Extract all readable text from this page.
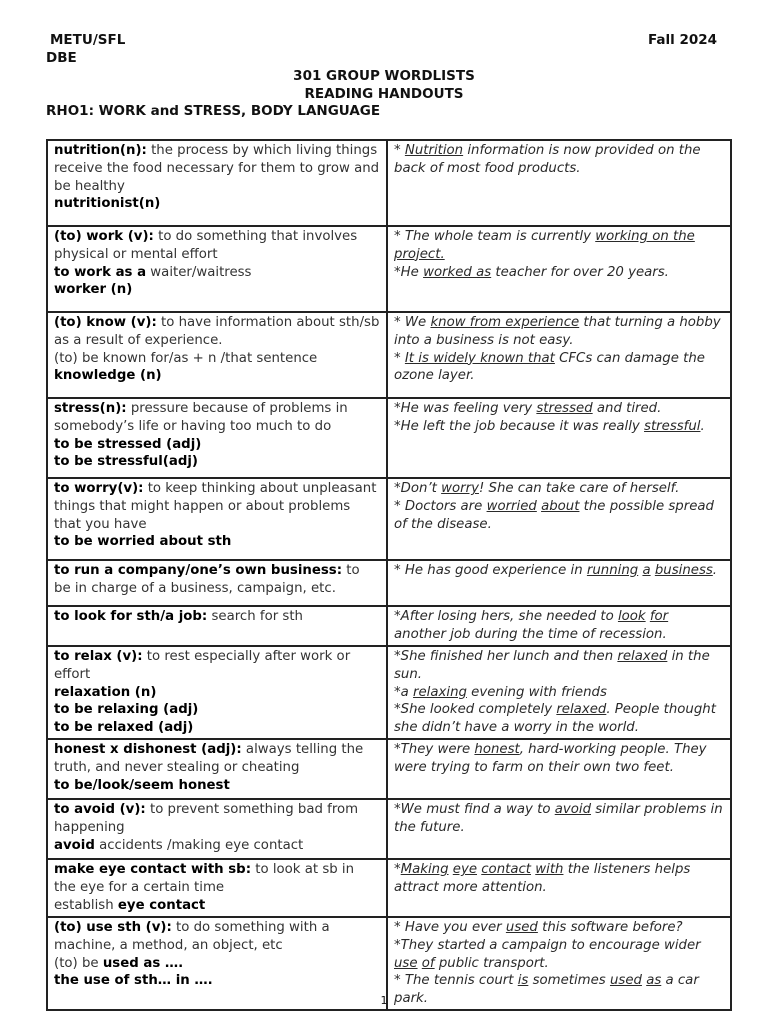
METU/SFL
DBE
Fall 2024
301 GROUP WORDLISTS
READING HANDOUTS
RHO1: WORK and STRESS, BODY LANGUAGE
nutrition(n): the process by which living things receive the food necessary for them to grow and be healthy
nutritionist(n)	* Nutrition information is now provided on the back of most food products.

(to) work (v): to do something that involves physical or mental effort
to work as a waiter/waitress
worker (n)	* The whole team is currently working on the project.
*He worked as teacher for over 20 years.

(to) know (v): to have information about sth/sb as a result of experience.
(to) be known for/as + n /that sentence
knowledge (n)	* We know from experience that turning a hobby into a business is not easy.
* It is widely known that CFCs can damage the ozone layer.

stress(n): pressure because of problems in somebody’s life or having too much to do
to be stressed (adj)
to be stressful(adj)	*He was feeling very stressed and tired.
*He left the job because it was really stressful.

to worry(v): to keep thinking about unpleasant things that might happen or about problems that you have
to be worried about sth	*Don’t worry! She can take care of herself.
* Doctors are worried about the possible spread of the disease.

to run a company/one’s own business: to be in charge of a business, campaign, etc.	* He has good experience in running a business.

to look for sth/a job: search for sth	*After losing hers, she needed to look for another job during the time of recession.

to relax (v): to rest especially after work or effort
relaxation (n)
to be relaxing (adj)
to be relaxed (adj)	*She finished her lunch and then relaxed in the sun.
*a relaxing evening with friends
*She looked completely relaxed. People thought she didn’t have a worry in the world.

honest x dishonest (adj): always telling the truth, and never stealing or cheating
to be/look/seem honest	*They were honest, hard-working people. They were trying to farm on their own two feet.

to avoid (v): to prevent something bad from happening
avoid accidents /making eye contact	*We must find a way to avoid similar problems in the future.

make eye contact with sb: to look at sb in the eye for a certain time
establish eye contact	*Making eye contact with the listeners helps attract more attention.

(to) use sth (v): to do something with a machine, a method, an object, etc
(to) be used as ….
the use of sth… in ….	* Have you ever used this software before?
*They started a campaign to encourage wider use of public transport.
* The tennis court is sometimes used as a car park.
1
